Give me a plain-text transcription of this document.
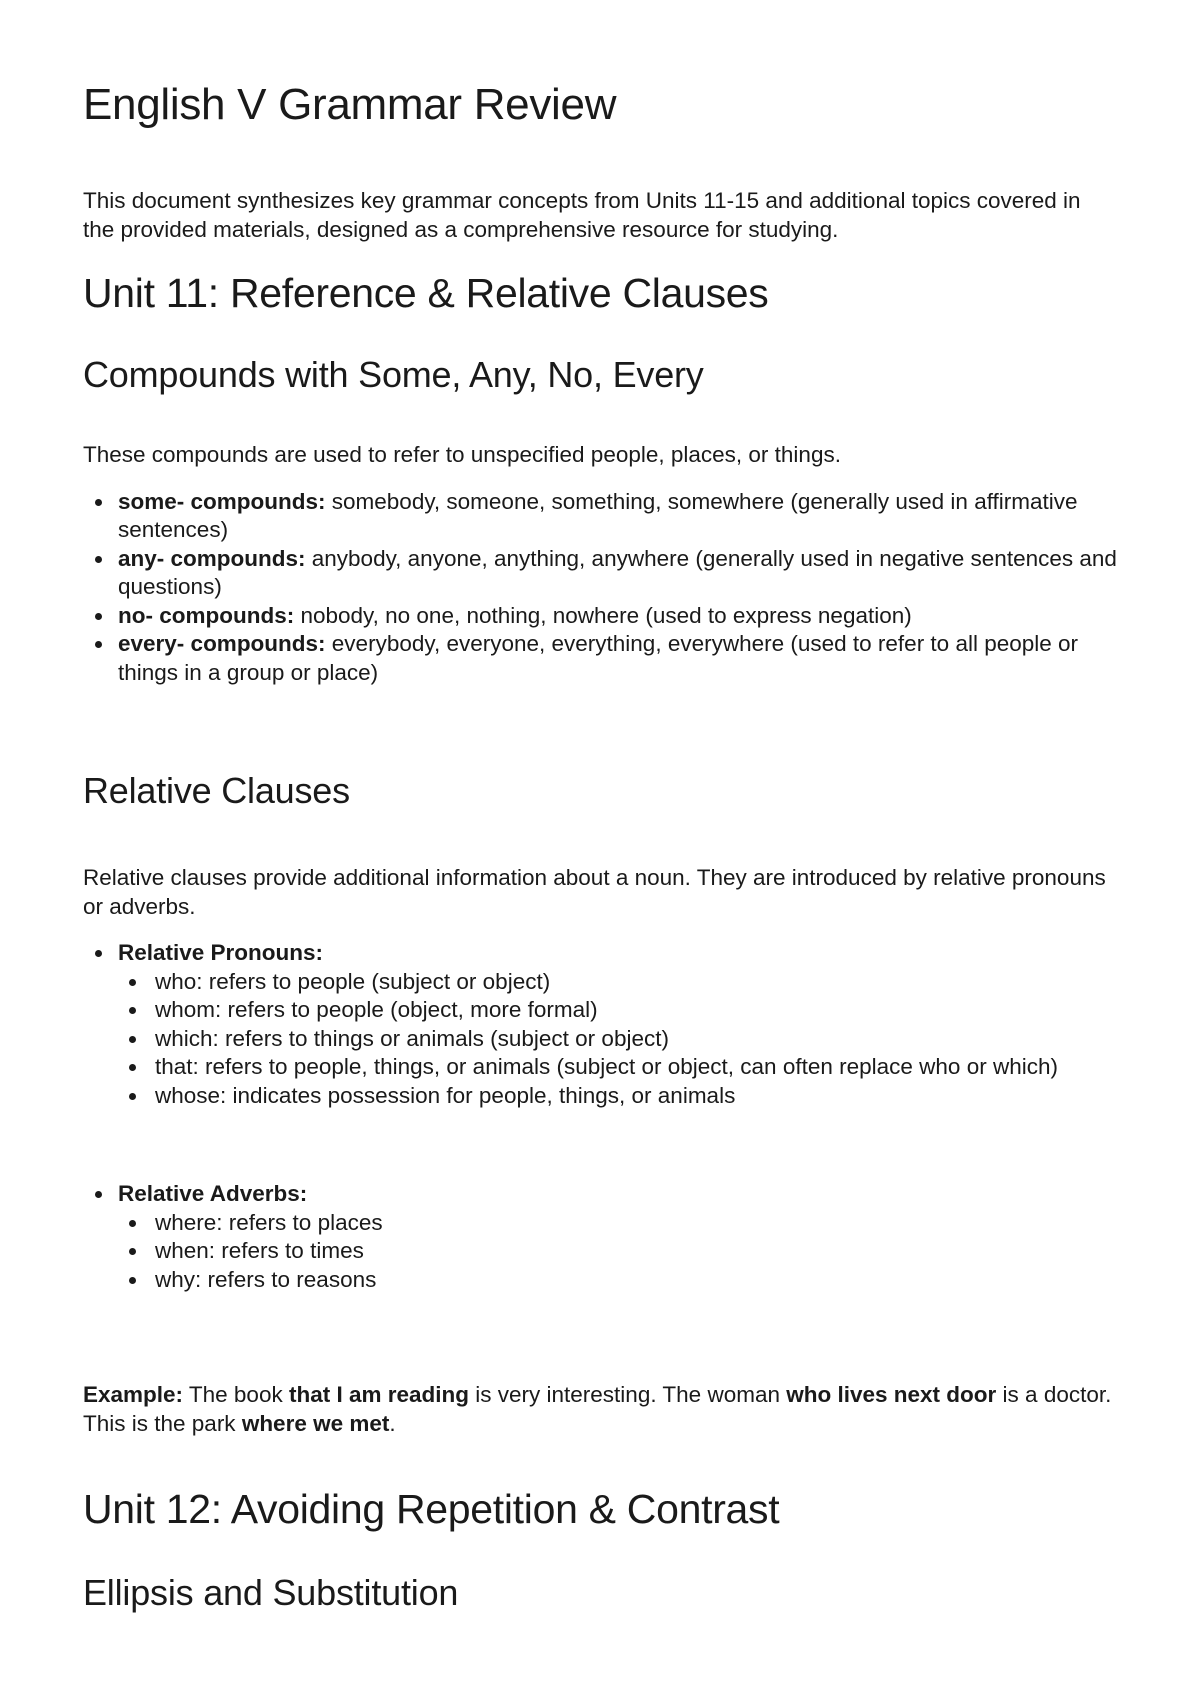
English V Grammar Review

This document synthesizes key grammar concepts from Units 11-15 and additional topics covered in the provided materials, designed as a comprehensive resource for studying.

Unit 11: Reference & Relative Clauses
Compounds with Some, Any, No, Every

These compounds are used to refer to unspecified people, places, or things.

some- compounds: somebody, someone, something, somewhere (generally used in affirmative sentences)
any- compounds: anybody, anyone, anything, anywhere (generally used in negative sentences and questions)
no- compounds: nobody, no one, nothing, nowhere (used to express negation)
every- compounds: everybody, everyone, everything, everywhere (used to refer to all people or things in a group or place)
Relative Clauses

Relative clauses provide additional information about a noun. They are introduced by relative pronouns or adverbs.

Relative Pronouns:
who: refers to people (subject or object)
whom: refers to people (object, more formal)
which: refers to things or animals (subject or object)
that: refers to people, things, or animals (subject or object, can often replace who or which)
whose: indicates possession for people, things, or animals
Relative Adverbs:
where: refers to places
when: refers to times
why: refers to reasons

Example: The book that I am reading is very interesting. The woman who lives next door is a doctor. This is the park where we met.

Unit 12: Avoiding Repetition & Contrast
Ellipsis and Substitution
